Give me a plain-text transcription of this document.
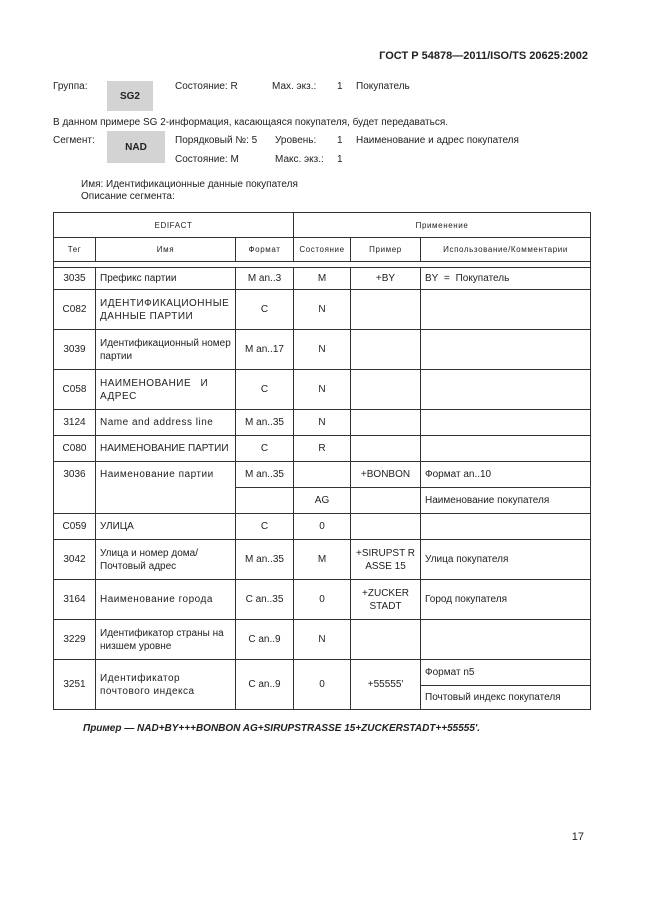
ГОСТ Р 54878—2011/ISO/TS 20625:2002
Группа:
SG2
Состояние: R	Мах. экз.: 1 Покупатель
В данном примере SG 2-информация, касающаяся покупателя, будет передаваться.
Сегмент:
NAD
Порядковый №: 5 Уровень: 1 Наименование и адрес покупателя
Состояние: M	Макс. экз.: 1
Имя: Идентификационные данные покупателя
Описание сегмента:
EDIFACT			Применение		
Тег	Имя	Формат	Состояние	Пример	Использование/Комментарии

3035	Префикс партии	M an..3	M	+BY	BY = Покупатель
C082	ИДЕНТИФИКАЦИОННЫЕ ДАННЫЕ ПАРТИИ	C	N		
3039	Идентификационный номер партии	M an..17	N		
C058	НАИМЕНОВАНИЕ И АДРЕС	C	N		
3124	Name and address line	M an..35	N		
C080	НАИМЕНОВАНИЕ ПАРТИИ	C	R		
3036	Наименование партии	M an..35		+BONBON	Формат an..10
			AG		Наименование покупателя
C059	УЛИЦА	C	0		
3042	Улица и номер дома/ Почтовый адрес	M an..35	M	+SIRUPST RASSE 15	Улица покупателя
3164	Наименование города	C an..35	0	+ZUCKER STADT	Город покупателя
3229	Идентификатор страны на низшем уровне	C an..9	N		
3251	Идентификатор почтового индекса	C an..9	0	+55555'	Формат n5
					Почтовый индекс покупателя
Пример — NAD+BY+++BONBON AG+SIRUPSTRASSE 15+ZUCKERSTADT++55555'.
17
